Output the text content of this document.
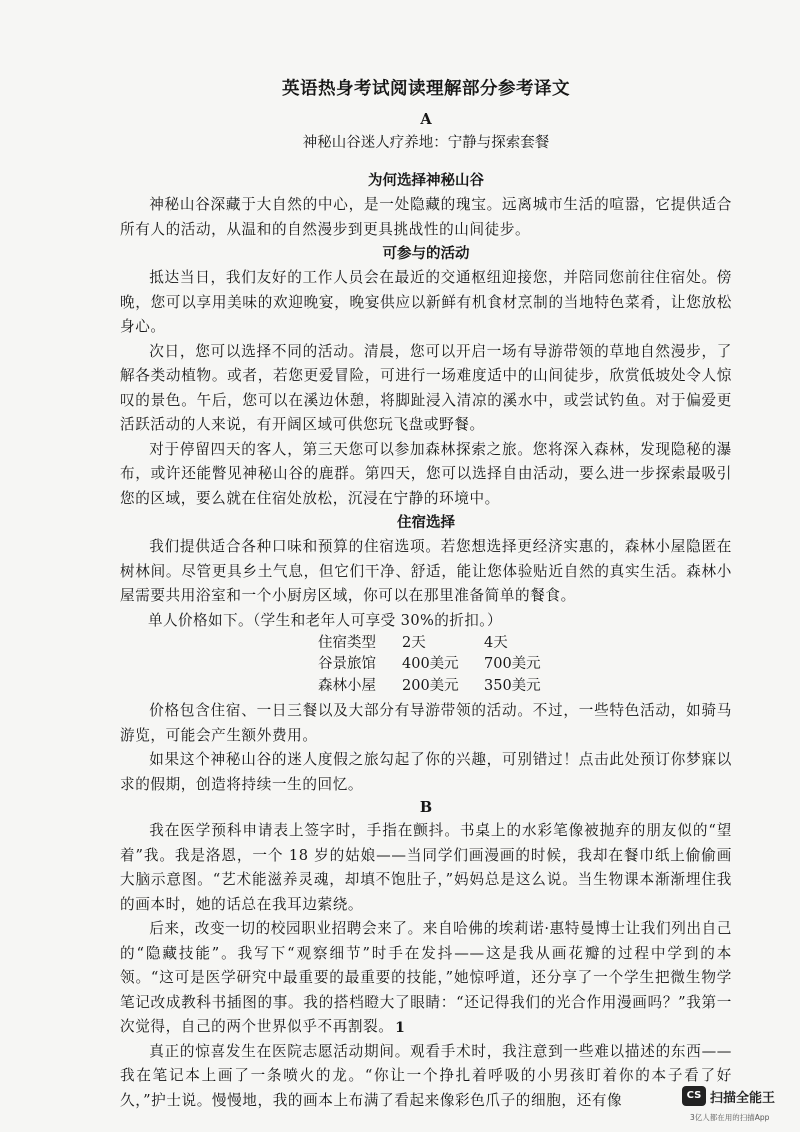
英语热身考试阅读理解部分参考译文
A
神秘山谷迷人疗养地：宁静与探索套餐
为何选择神秘山谷

神秘山谷深藏于大自然的中心，是一处隐藏的瑰宝。远离城市生活的喧嚣，它提供适合所有人的活动，从温和的自然漫步到更具挑战性的山间徒步。

可参与的活动

抵达当日，我们友好的工作人员会在最近的交通枢纽迎接您，并陪同您前往住宿处。傍晚，您可以享用美味的欢迎晚宴，晚宴供应以新鲜有机食材烹制的当地特色菜肴，让您放松身心。

次日，您可以选择不同的活动。清晨，您可以开启一场有导游带领的草地自然漫步，了解各类动植物。或者，若您更爱冒险，可进行一场难度适中的山间徒步，欣赏低坡处令人惊叹的景色。午后，您可以在溪边休憩，将脚趾浸入清凉的溪水中，或尝试钓鱼。对于偏爱更活跃活动的人来说，有开阔区域可供您玩飞盘或野餐。

对于停留四天的客人，第三天您可以参加森林探索之旅。您将深入森林，发现隐秘的瀑布，或许还能瞥见神秘山谷的鹿群。第四天，您可以选择自由活动，要么进一步探索最吸引您的区域，要么就在住宿处放松，沉浸在宁静的环境中。

住宿选择

我们提供适合各种口味和预算的住宿选项。若您想选择更经济实惠的，森林小屋隐匿在树林间。尽管更具乡土气息，但它们干净、舒适，能让您体验贴近自然的真实生活。森林小屋需要共用浴室和一个小厨房区域，你可以在那里准备简单的餐食。

单人价格如下。（学生和老年人可享受 30%的折扣。）
住宿类型	2天	4天
谷景旅馆	400美元	700美元
森林小屋	200美元	350美元

价格包含住宿、一日三餐以及大部分有导游带领的活动。不过，一些特色活动，如骑马游览，可能会产生额外费用。

如果这个神秘山谷的迷人度假之旅勾起了你的兴趣，可别错过！点击此处预订你梦寐以求的假期，创造将持续一生的回忆。

B

我在医学预科申请表上签字时，手指在颤抖。书桌上的水彩笔像被抛弃的朋友似的“望着”我。我是洛恩，一个 18 岁的姑娘——当同学们画漫画的时候，我却在餐巾纸上偷偷画大脑示意图。“艺术能滋养灵魂，却填不饱肚子，”妈妈总是这么说。当生物课本渐渐埋住我的画本时，她的话总在我耳边萦绕。

后来，改变一切的校园职业招聘会来了。来自哈佛的埃莉诺·惠特曼博士让我们列出自己的“隐藏技能”。我写下“观察细节”时手在发抖——这是我从画花瓣的过程中学到的本领。“这可是医学研究中最重要的最重要的技能，”她惊呼道，还分享了一个学生把微生物学笔记改成教科书插图的事。我的搭档瞪大了眼睛：“还记得我们的光合作用漫画吗？”我第一次觉得，自己的两个世界似乎不再割裂。

真正的惊喜发生在医院志愿活动期间。观看手术时，我注意到一些难以描述的东西——我在笔记本上画了一条喷火的龙。“你让一个挣扎着呼吸的小男孩盯着你的本子看了好久，”护士说。慢慢地，我的画本上布满了看起来像彩色爪子的细胞，还有像

1
CS 扫描全能王
3亿人都在用的扫描App
